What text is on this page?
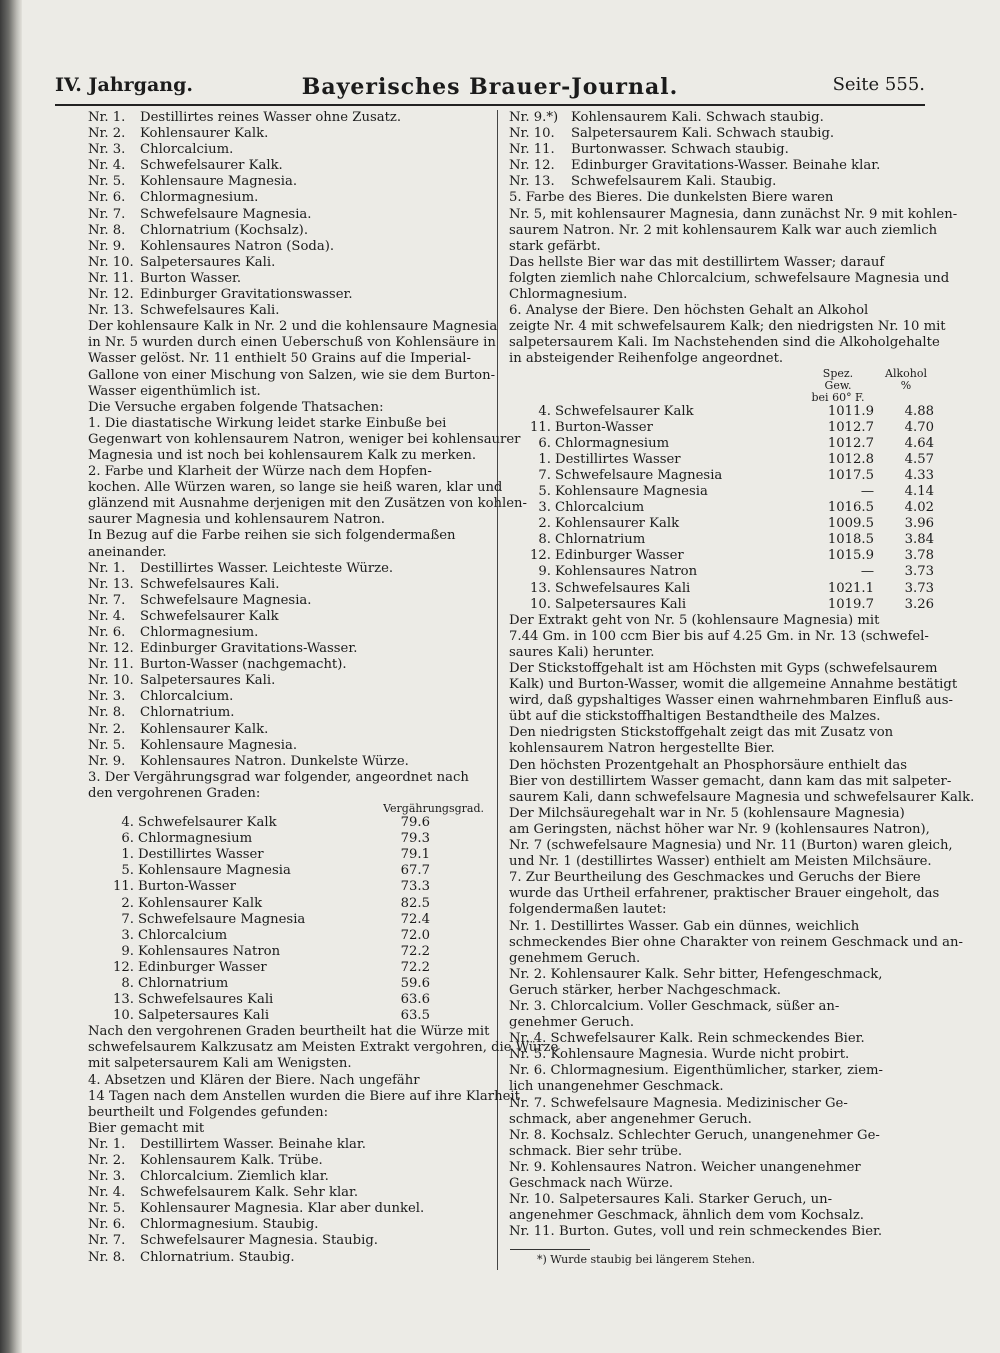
Bayerisches Brauer-Journal.
IV. Jahrgang.	Seite 555.
Nr. 1. Destillirtes reines Wasser ohne Zusatz.
Nr. 2. Kohlensaurer Kalk.
Nr. 3. Chlorcalcium.
Nr. 4. Schwefelsaurer Kalk.
Nr. 5. Kohlensaure Magnesia.
Nr. 6. Chlormagnesium.
Nr. 7. Schwefelsaure Magnesia.
Nr. 8. Chlornatrium (Kochsalz).
Nr. 9. Kohlensaures Natron (Soda).
Nr. 10. Salpetersaures Kali.
Nr. 11. Burton Wasser.
Nr. 12. Edinburger Gravitationswasser.
Nr. 13. Schwefelsaures Kali.
Der kohlensaure Kalk in Nr. 2 und die kohlensaure Magnesia
in Nr. 5 wurden durch einen Ueberschuß von Kohlensäure in
Wasser gelöst. Nr. 11 enthielt 50 Grains auf die Imperial-
Gallone von einer Mischung von Salzen, wie sie dem Burton-
Wasser eigenthümlich ist.
Die Versuche ergaben folgende Thatsachen:
1. Die diastatische Wirkung leidet starke Einbuße bei
Gegenwart von kohlensaurem Natron, weniger bei kohlensaurer
Magnesia und ist noch bei kohlensaurem Kalk zu merken.
2. Farbe und Klarheit der Würze nach dem Hopfen-
kochen. Alle Würzen waren, so lange sie heiß waren, klar und
glänzend mit Ausnahme derjenigen mit den Zusätzen von kohlen-
saurer Magnesia und kohlensaurem Natron.
In Bezug auf die Farbe reihen sie sich folgendermaßen
aneinander.
Nr. 1. Destillirtes Wasser. Leichteste Würze.
Nr. 13. Schwefelsaures Kali.
Nr. 7. Schwefelsaure Magnesia.
Nr. 4. Schwefelsaurer Kalk
Nr. 6. Chlormagnesium.
Nr. 12. Edinburger Gravitations-Wasser.
Nr. 11. Burton-Wasser (nachgemacht).
Nr. 10. Salpetersaures Kali.
Nr. 3. Chlorcalcium.
Nr. 8. Chlornatrium.
Nr. 2. Kohlensaurer Kalk.
Nr. 5. Kohlensaure Magnesia.
Nr. 9. Kohlensaures Natron. Dunkelste Würze.
3. Der Vergährungsgrad war folgender, angeordnet nach
den vergohrenen Graden:
Vergährungsgrad.
4. Schwefelsaurer Kalk	79.6
6. Chlormagnesium	79.3
1. Destillirtes Wasser	79.1
5. Kohlensaure Magnesia	67.7
11. Burton-Wasser	73.3
2. Kohlensaurer Kalk	82.5
7. Schwefelsaure Magnesia	72.4
3. Chlorcalcium	72.0
9. Kohlensaures Natron	72.2
12. Edinburger Wasser	72.2
8. Chlornatrium	59.6
13. Schwefelsaures Kali	63.6
10. Salpetersaures Kali	63.5
Nach den vergohrenen Graden beurtheilt hat die Würze mit
schwefelsaurem Kalkzusatz am Meisten Extrakt vergohren, die Würze
mit salpetersaurem Kali am Wenigsten.
4. Absetzen und Klären der Biere. Nach ungefähr
14 Tagen nach dem Anstellen wurden die Biere auf ihre Klarheit
beurtheilt und Folgendes gefunden:
Bier gemacht mit
Nr. 1. Destillirtem Wasser. Beinahe klar.
Nr. 2. Kohlensaurem Kalk. Trübe.
Nr. 3. Chlorcalcium. Ziemlich klar.
Nr. 4. Schwefelsaurem Kalk. Sehr klar.
Nr. 5. Kohlensaurer Magnesia. Klar aber dunkel.
Nr. 6. Chlormagnesium. Staubig.
Nr. 7. Schwefelsaurer Magnesia. Staubig.
Nr. 8. Chlornatrium. Staubig.
Nr. 9.*) Kohlensaurem Kali. Schwach staubig.
Nr. 10. Salpetersaurem Kali. Schwach staubig.
Nr. 11. Burtonwasser. Schwach staubig.
Nr. 12. Edinburger Gravitations-Wasser. Beinahe klar.
Nr. 13. Schwefelsaurem Kali. Staubig.
5. Farbe des Bieres. Die dunkelsten Biere waren
Nr. 5, mit kohlensaurer Magnesia, dann zunächst Nr. 9 mit kohlen-
saurem Natron. Nr. 2 mit kohlensaurem Kalk war auch ziemlich
stark gefärbt.
Das hellste Bier war das mit destillirtem Wasser; darauf
folgten ziemlich nahe Chlorcalcium, schwefelsaure Magnesia und
Chlormagnesium.
6. Analyse der Biere. Den höchsten Gehalt an Alkohol
zeigte Nr. 4 mit schwefelsaurem Kalk; den niedrigsten Nr. 10 mit
salpetersaurem Kali. Im Nachstehenden sind die Alkoholgehalte
in absteigender Reihenfolge angeordnet.
Spez. Gew.
bei 60° F.
Alkohol
%
4. Schwefelsaurer Kalk	1011.9	4.88
11. Burton-Wasser	1012.7	4.70
6. Chlormagnesium	1012.7	4.64
1. Destillirtes Wasser	1012.8	4.57
7. Schwefelsaure Magnesia	1017.5	4.33
5. Kohlensaure Magnesia	—	4.14
3. Chlorcalcium	1016.5	4.02
2. Kohlensaurer Kalk	1009.5	3.96
8. Chlornatrium	1018.5	3.84
12. Edinburger Wasser	1015.9	3.78
9. Kohlensaures Natron	—	3.73
13. Schwefelsaures Kali	1021.1	3.73
10. Salpetersaures Kali	1019.7	3.26
Der Extrakt geht von Nr. 5 (kohlensaure Magnesia) mit
7.44 Gm. in 100 ccm Bier bis auf 4.25 Gm. in Nr. 13 (schwefel-
saures Kali) herunter.
Der Stickstoffgehalt ist am Höchsten mit Gyps (schwefelsaurem
Kalk) und Burton-Wasser, womit die allgemeine Annahme bestätigt
wird, daß gypshaltiges Wasser einen wahrnehmbaren Einfluß aus-
übt auf die stickstoffhaltigen Bestandtheile des Malzes.
Den niedrigsten Stickstoffgehalt zeigt das mit Zusatz von
kohlensaurem Natron hergestellte Bier.
Den höchsten Prozentgehalt an Phosphorsäure enthielt das
Bier von destillirtem Wasser gemacht, dann kam das mit salpeter-
saurem Kali, dann schwefelsaure Magnesia und schwefelsaurer Kalk.
Der Milchsäuregehalt war in Nr. 5 (kohlensaure Magnesia)
am Geringsten, nächst höher war Nr. 9 (kohlensaures Natron),
Nr. 7 (schwefelsaure Magnesia) und Nr. 11 (Burton) waren gleich,
und Nr. 1 (destillirtes Wasser) enthielt am Meisten Milchsäure.
7. Zur Beurtheilung des Geschmackes und Geruchs der Biere
wurde das Urtheil erfahrener, praktischer Brauer eingeholt, das
folgendermaßen lautet:
Nr. 1. Destillirtes Wasser. Gab ein dünnes, weichlich
schmeckendes Bier ohne Charakter von reinem Geschmack und an-
genehmem Geruch.
Nr. 2. Kohlensaurer Kalk. Sehr bitter, Hefengeschmack,
Geruch stärker, herber Nachgeschmack.
Nr. 3. Chlorcalcium. Voller Geschmack, süßer an-
genehmer Geruch.
Nr. 4. Schwefelsaurer Kalk. Rein schmeckendes Bier.
Nr. 5. Kohlensaure Magnesia. Wurde nicht probirt.
Nr. 6. Chlormagnesium. Eigenthümlicher, starker, ziem-
lich unangenehmer Geschmack.
Nr. 7. Schwefelsaure Magnesia. Medizinischer Ge-
schmack, aber angenehmer Geruch.
Nr. 8. Kochsalz. Schlechter Geruch, unangenehmer Ge-
schmack. Bier sehr trübe.
Nr. 9. Kohlensaures Natron. Weicher unangenehmer
Geschmack nach Würze.
Nr. 10. Salpetersaures Kali. Starker Geruch, un-
angenehmer Geschmack, ähnlich dem vom Kochsalz.
Nr. 11. Burton. Gutes, voll und rein schmeckendes Bier.
*) Wurde staubig bei längerem Stehen.
